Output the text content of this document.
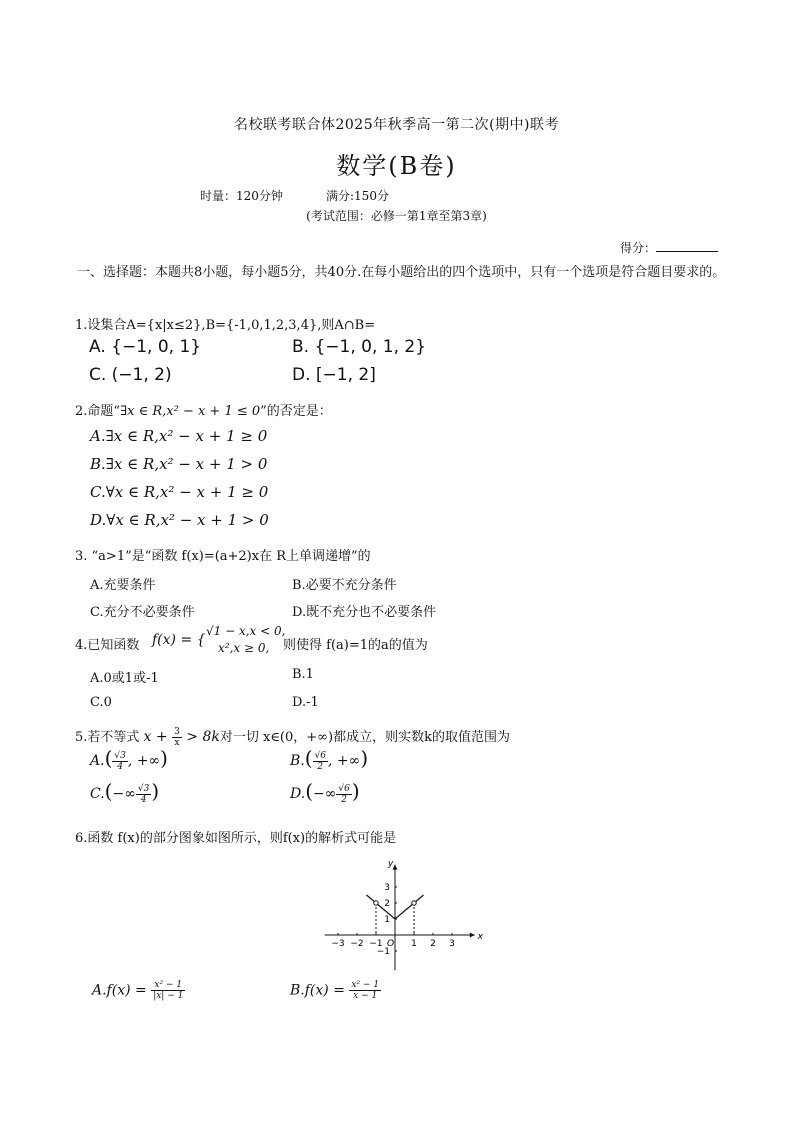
名校联考联合体2025年秋季高一第二次(期中)联考
数学(B卷)
时量：120分钟	满分:150分
(考试范围：必修一第1章至第3章)
得分：
一、选择题：本题共8小题，每小题5分，共40分.在每小题给出的四个选项中，只有一个选项是符合题目要求的。
1.设集合A={x|x≤2},B={-1,0,1,2,3,4},则A∩B=
A. {−1, 0, 1}	B. {−1, 0, 1, 2}
C. (−1, 2)	D. [−1, 2]
2.命题“∃x ∈ R,x² − x + 1 ≤ 0”的否定是：
A.∃x ∈ R,x² − x + 1 ≥ 0
B.∃x ∈ R,x² − x + 1 > 0
C.∀x ∈ R,x² − x + 1 ≥ 0
D.∀x ∈ R,x² − x + 1 > 0
3. “a>1”是“函数 f(x)=(a+2)x在 R上单调递增”的
A.充要条件	B.必要不充分条件
C.充分不必要条件	D.既不充分也不必要条件
4.已知函数 f(x) = {
√1 − x,x < 0,
x²,x ≥ 0, 则使得 f(a)=1的a的值为
A.0或1或-1	B.1
C.0	D.-1
5.若不等式 $x + \frac{3}{x} > 8k$对一切 x∈(0，+∞)都成立，则实数k的取值范围为
$A.( \frac{√3}{4}$ , +∞)	$B.( \frac{√6}{2}$ , +∞)
$C.(-\infty \frac{√3}{4}$ )	$D.(-\infty \frac{√6}{2}$ )
6.函数 f(x)的部分图象如图所示，则f(x)的解析式可能是
x
y
O
−3 −2 −1	1 2 3
3
2
1
−1
$A.f(x) = \frac{\text{x² − 1}}{|x| - 1}$	$B.f(x) = \frac{\text{x² − 1}}{x - 1}$
